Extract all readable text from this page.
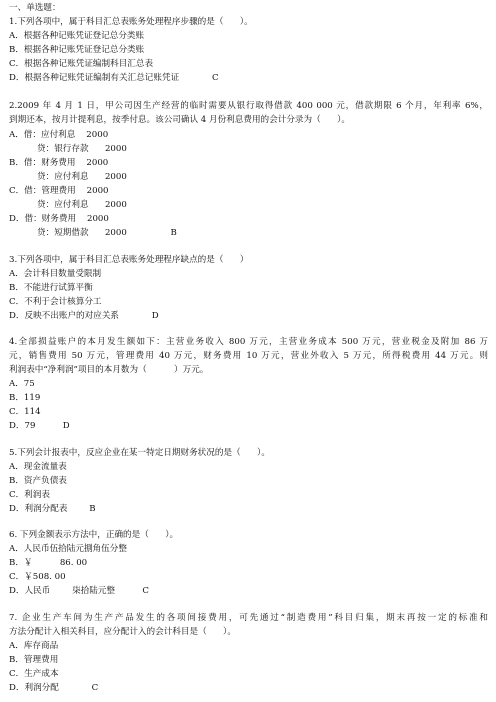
一、单选题：
1.下列各项中，属于科目汇总表账务处理程序步骤的是（      ）。
A．根据各种记账凭证登记总分类账
B．根据各种记账凭证登记总分类账
C．根据各种记账凭证编制科目汇总表
D．根据各种记账凭证编制有关汇总记账凭证            C
2.2009 年 4 月 1 日，甲公司因生产经营的临时需要从银行取得借款 400 000 元，借款期限 6 个月，年利率 6%，
到期还本，按月计提利息，按季付息。该公司确认 4 月份利息费用的会计分录为（      ）。
A．借：应付利息    2000
贷：银行存款      2000
B．借：财务费用    2000
贷：应付利息      2000
C．借：管理费用    2000
贷：应付利息      2000
D．借：财务费用    2000
贷：短期借款      2000                B
3.下列各项中，属于科目汇总表账务处理程序缺点的是（      ）
A．会计科目数量受限制
B．不能进行试算平衡
C．不利于会计核算分工
D．反映不出账户的对应关系            D
4.全部损益账户的本月发生额如下：主营业务收入 800 万元，主营业务成本 500 万元，营业税金及附加 86 万
元，销售费用 50 万元，管理费用 40 万元，财务费用 10 万元，营业外收入 5 万元，所得税费用 44 万元。则
利润表中“净利润”项目的本月数为（          ）万元。
A．75
B．119
C．114
D．79          D
5.下列会计报表中，反应企业在某一特定日期财务状况的是（      ）。
A．现金流量表
B．资产负债表
C．利润表
D．利润分配表        B
6. 下列金额表示方法中，正确的是（      ）。
A．人民币伍拾陆元捌角伍分整
B．￥          86. 00
C．￥508. 00
D．人民币        柒拾陆元整          C
7. 企业生产车间为生产产品发生的各项间接费用，可先通过“制造费用”科目归集，期末再按一定的标准和
方法分配计入相关科目，应分配计入的会计科目是（      ）。
A．库存商品
B．管理费用
C．生产成本
D．利润分配            C
